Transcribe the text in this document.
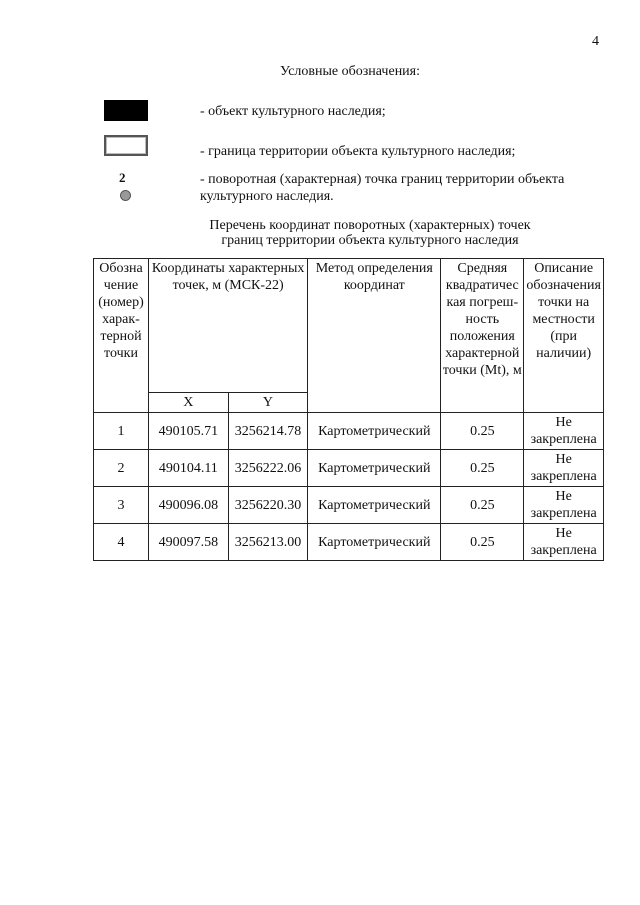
4
Условные обозначения:
- объект культурного наследия;
- граница территории объекта культурного наследия;
2	- поворотная (характерная) точка границ территории объекта культурного наследия.
Перечень координат поворотных (характерных) точек
границ территории объекта культурного наследия
Обозна чение (номер) харак-терной точки	Координаты характерных точек, м (МСК-22)		Метод определения координат	Средняя квадратичес кая погреш-ность положения характерной точки (Mt), м	Описание обозначения точки на местности (при наличии)
	X	Y			
1	490105.71	3256214.78	Картометрический	0.25	Не закреплена
2	490104.11	3256222.06	Картометрический	0.25	Не закреплена
3	490096.08	3256220.30	Картометрический	0.25	Не закреплена
4	490097.58	3256213.00	Картометрический	0.25	Не закреплена
